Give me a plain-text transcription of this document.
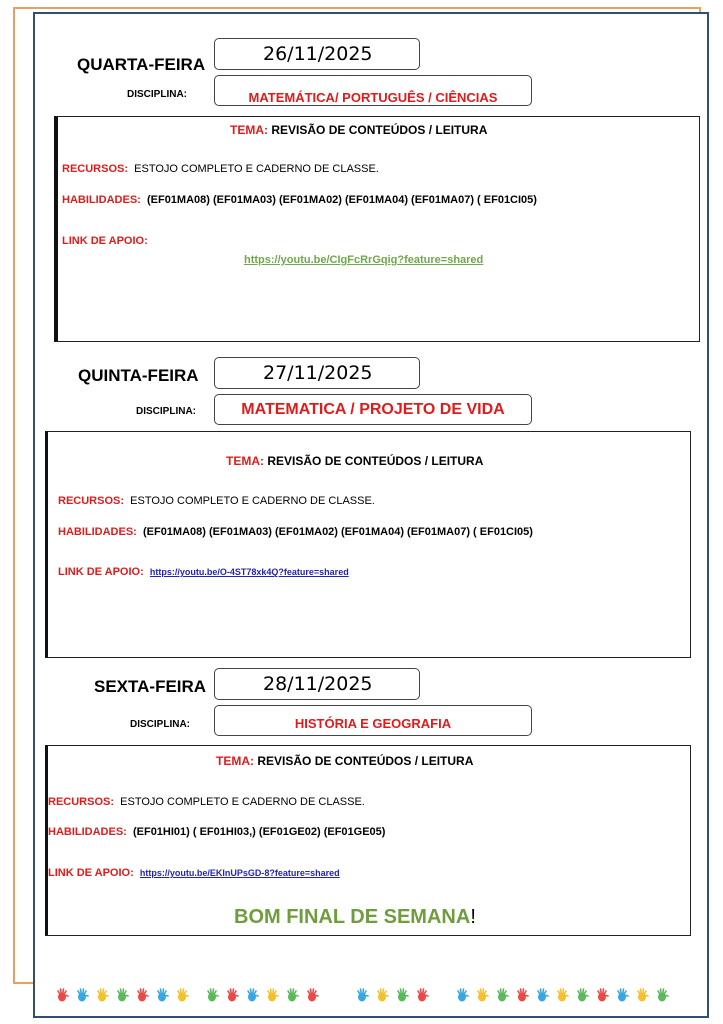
QUARTA-FEIRA	26/11/2025
DISCIPLINA:	MATEMÁTICA/ PORTUGUÊS / CIÊNCIAS
TEMA: REVISÃO DE CONTEÚDOS / LEITURA
RECURSOS: ESTOJO COMPLETO E CADERNO DE CLASSE.
HABILIDADES: (EF01MA08) (EF01MA03) (EF01MA02) (EF01MA04) (EF01MA07) ( EF01CI05)
LINK DE APOIO:
https://youtu.be/CIgFcRrGqig?feature=shared
QUINTA-FEIRA	27/11/2025
DISCIPLINA:	MATEMATICA / PROJETO DE VIDA
TEMA: REVISÃO DE CONTEÚDOS / LEITURA
RECURSOS: ESTOJO COMPLETO E CADERNO DE CLASSE.
HABILIDADES: (EF01MA08) (EF01MA03) (EF01MA02) (EF01MA04) (EF01MA07) ( EF01CI05)
LINK DE APOIO: https://youtu.be/O-4ST78xk4Q?feature=shared
SEXTA-FEIRA	28/11/2025
DISCIPLINA:	HISTÓRIA E GEOGRAFIA
TEMA: REVISÃO DE CONTEÚDOS / LEITURA
RECURSOS: ESTOJO COMPLETO E CADERNO DE CLASSE.
HABILIDADES: (EF01HI01) ( EF01HI03,) (EF01GE02) (EF01GE05)
LINK DE APOIO: https://youtu.be/EKInUPsGD-8?feature=shared
BOM FINAL DE SEMANA!
